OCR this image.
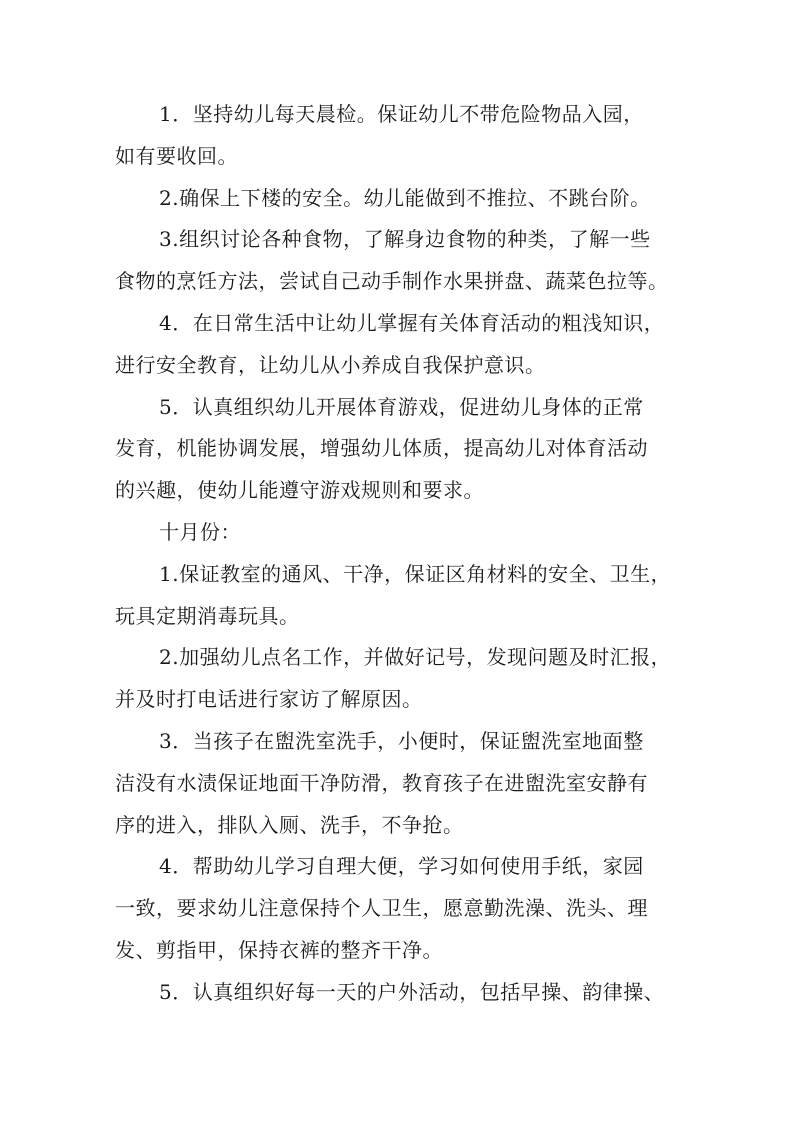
1．坚持幼儿每天晨检。保证幼儿不带危险物品入园，
如有要收回。
2.确保上下楼的安全。幼儿能做到不推拉、不跳台阶。
3.组织讨论各种食物，了解身边食物的种类，了解一些
食物的烹饪方法，尝试自己动手制作水果拼盘、蔬菜色拉等。
4．在日常生活中让幼儿掌握有关体育活动的粗浅知识，
进行安全教育，让幼儿从小养成自我保护意识。
5．认真组织幼儿开展体育游戏，促进幼儿身体的正常
发育，机能协调发展，增强幼儿体质，提高幼儿对体育活动
的兴趣，使幼儿能遵守游戏规则和要求。
十月份：
1.保证教室的通风、干净，保证区角材料的安全、卫生，
玩具定期消毒玩具。
2.加强幼儿点名工作，并做好记号，发现问题及时汇报，
并及时打电话进行家访了解原因。
3．当孩子在盥洗室洗手，小便时，保证盥洗室地面整
洁没有水渍保证地面干净防滑，教育孩子在进盥洗室安静有
序的进入，排队入厕、洗手，不争抢。
4．帮助幼儿学习自理大便，学习如何使用手纸，家园
一致，要求幼儿注意保持个人卫生，愿意勤洗澡、洗头、理
发、剪指甲，保持衣裤的整齐干净。
5．认真组织好每一天的户外活动，包括早操、韵律操、
